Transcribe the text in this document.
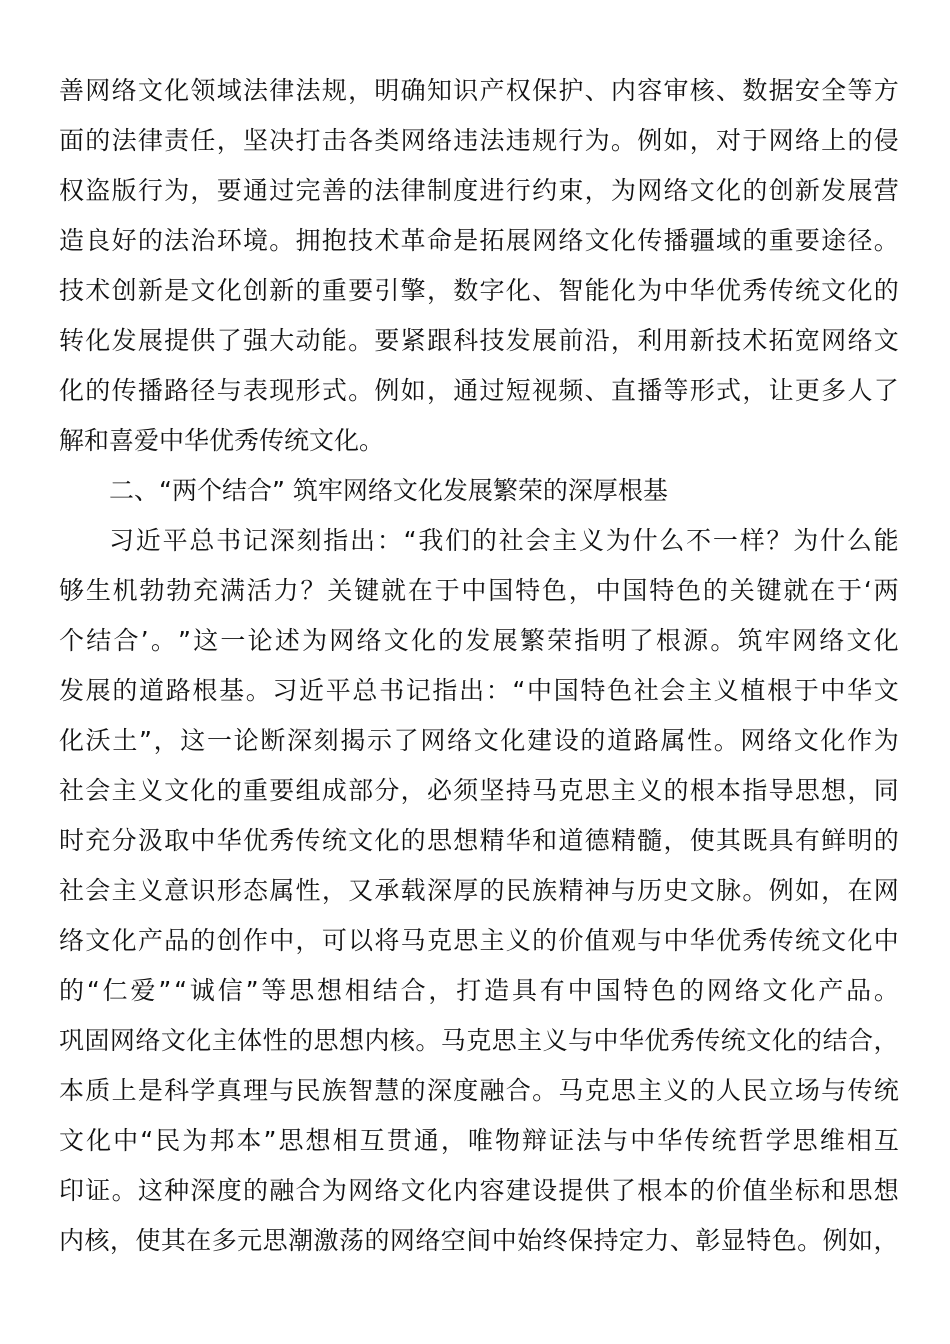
善 网 络 文 化 领 域 法 律 法 规 ， 明 确 知 识 产 权 保 护 、 内 容 审 核 、 数 据 安 全 等 方
面 的 法 律 责 任 ， 坚 决 打 击 各 类 网 络 违 法 违 规 行 为 。 例 如 ， 对 于 网 络 上 的 侵
权 盗 版 行 为 ， 要 通 过 完 善 的 法 律 制 度 进 行 约 束 ， 为 网 络 文 化 的 创 新 发 展 营
造 良 好 的 法 治 环 境 。 拥 抱 技 术 革 命 是 拓 展 网 络 文 化 传 播 疆 域 的 重 要 途 径 。
技 术 创 新 是 文 化 创 新 的 重 要 引 擎 ， 数 字 化 、 智 能 化 为 中 华 优 秀 传 统 文 化 的
转 化 发 展 提 供 了 强 大 动 能 。 要 紧 跟 科 技 发 展 前 沿 ， 利 用 新 技 术 拓 宽 网 络 文
化 的 传 播 路 径 与 表 现 形 式 。 例 如 ， 通 过 短 视 频 、 直 播 等 形 式 ， 让 更 多 人 了
解和喜爱中华优秀传统文化。
二、“两个结合” 筑牢网络文化发展繁荣的深厚根基
习 近 平 总 书 记 深 刻 指 出 ： “ 我 们 的 社 会 主 义 为 什 么 不 一 样 ？ 为 什 么 能
够 生 机 勃 勃 充 满 活 力 ？ 关 键 就 在 于 中 国 特 色 ， 中 国 特 色 的 关 键 就 在 于 ‘ 两
个 结 合 ’ 。 ” 这 一 论 述 为 网 络 文 化 的 发 展 繁 荣 指 明 了 根 源 。 筑 牢 网 络 文 化
发 展 的 道 路 根 基 。 习 近 平 总 书 记 指 出 ： “ 中 国 特 色 社 会 主 义 植 根 于 中 华 文
化 沃 土 ” ， 这 一 论 断 深 刻 揭 示 了 网 络 文 化 建 设 的 道 路 属 性 。 网 络 文 化 作 为
社 会 主 义 文 化 的 重 要 组 成 部 分 ， 必 须 坚 持 马 克 思 主 义 的 根 本 指 导 思 想 ， 同
时 充 分 汲 取 中 华 优 秀 传 统 文 化 的 思 想 精 华 和 道 德 精 髓 ， 使 其 既 具 有 鲜 明 的
社 会 主 义 意 识 形 态 属 性 ， 又 承 载 深 厚 的 民 族 精 神 与 历 史 文 脉 。 例 如 ， 在 网
络 文 化 产 品 的 创 作 中 ， 可 以 将 马 克 思 主 义 的 价 值 观 与 中 华 优 秀 传 统 文 化 中
的 “ 仁 爱 ” “ 诚 信 ” 等 思 想 相 结 合 ， 打 造 具 有 中 国 特 色 的 网 络 文 化 产 品 。
巩 固 网 络 文 化 主 体 性 的 思 想 内 核 。 马 克 思 主 义 与 中 华 优 秀 传 统 文 化 的 结 合 ，
本 质 上 是 科 学 真 理 与 民 族 智 慧 的 深 度 融 合 。 马 克 思 主 义 的 人 民 立 场 与 传 统
文 化 中 “ 民 为 邦 本 ” 思 想 相 互 贯 通 ， 唯 物 辩 证 法 与 中 华 传 统 哲 学 思 维 相 互
印 证 。 这 种 深 度 的 融 合 为 网 络 文 化 内 容 建 设 提 供 了 根 本 的 价 值 坐 标 和 思 想
内 核 ， 使 其 在 多 元 思 潮 激 荡 的 网 络 空 间 中 始 终 保 持 定 力 、 彰 显 特 色 。 例 如 ，
